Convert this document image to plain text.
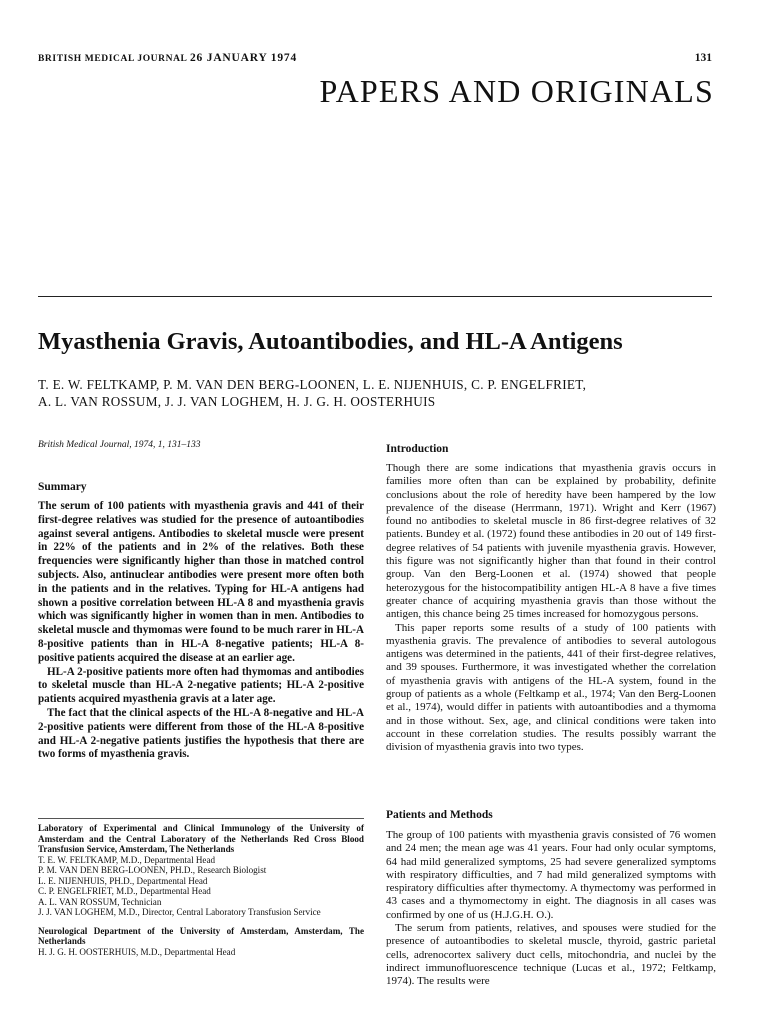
BRITISH MEDICAL JOURNAL 26 JANUARY 1974	131
PAPERS AND ORIGINALS
Myasthenia Gravis, Autoantibodies, and HL-A Antigens
T. E. W. FELTKAMP, P. M. VAN DEN BERG-LOONEN, L. E. NIJENHUIS, C. P. ENGELFRIET,
A. L. VAN ROSSUM, J. J. VAN LOGHEM, H. J. G. H. OOSTERHUIS
British Medical Journal, 1974, 1, 131–133
Summary

The serum of 100 patients with myasthenia gravis and 441 of their first-degree relatives was studied for the presence of autoantibodies against several antigens. Antibodies to skeletal muscle were present in 22% of the patients and in 2% of the relatives. Both these frequencies were significantly higher than those in matched control subjects. Also, antinuclear antibodies were present more often both in the patients and in the relatives. Typing for HL-A antigens had shown a positive correlation between HL-A 8 and myasthenia gravis which was significantly higher in women than in men. Antibodies to skeletal muscle and thymomas were found to be much rarer in HL-A 8-positive patients than in HL-A 8-negative patients; HL-A 8-positive patients acquired the disease at an earlier age.

HL-A 2-positive patients more often had thymomas and antibodies to skeletal muscle than HL-A 2-negative patients; HL-A 2-positive patients acquired myasthenia gravis at a later age.

The fact that the clinical aspects of the HL-A 8-negative and HL-A 2-positive patients were different from those of the HL-A 8-positive and HL-A 2-negative patients justifies the hypothesis that there are two forms of myasthenia gravis.

Laboratory of Experimental and Clinical Immunology of the University of Amsterdam and the Central Laboratory of the Netherlands Red Cross Blood Transfusion Service, Amsterdam, The Netherlands
T. E. W. FELTKAMP, M.D., Departmental Head
P. M. VAN DEN BERG-LOONEN, PH.D., Research Biologist
L. E. NIJENHUIS, PH.D., Departmental Head
C. P. ENGELFRIET, M.D., Departmental Head
A. L. VAN ROSSUM, Technician
J. J. VAN LOGHEM, M.D., Director, Central Laboratory Transfusion Service
Neurological Department of the University of Amsterdam, Amsterdam, The Netherlands
H. J. G. H. OOSTERHUIS, M.D., Departmental Head
Introduction

Though there are some indications that myasthenia gravis occurs in families more often than can be explained by probability, definite conclusions about the role of heredity have been hampered by the low prevalence of the disease (Herrmann, 1971). Wright and Kerr (1967) found no antibodies to skeletal muscle in 86 first-degree relatives of 32 patients. Bundey et al. (1972) found these antibodies in 20 out of 149 first-degree relatives of 54 patients with juvenile myasthenia gravis. However, this figure was not significantly higher than that found in their control group. Van den Berg-Loonen et al. (1974) showed that people heterozygous for the histocompatibility antigen HL-A 8 have a five times greater chance of acquiring myasthenia gravis than those without the antigen, this chance being 25 times increased for homozygous persons.

This paper reports some results of a study of 100 patients with myasthenia gravis. The prevalence of antibodies to several autologous antigens was determined in the patients, 441 of their first-degree relatives, and 39 spouses. Furthermore, it was investigated whether the correlation of myasthenia gravis with antigens of the HL-A system, found in the group of patients as a whole (Feltkamp et al., 1974; Van den Berg-Loonen et al., 1974), would differ in patients with autoantibodies and a thymoma and in those without. Sex, age, and clinical conditions were taken into account in these correlation studies. The results possibly warrant the division of myasthenia gravis into two types.

Patients and Methods

The group of 100 patients with myasthenia gravis consisted of 76 women and 24 men; the mean age was 41 years. Four had only ocular symptoms, 64 had mild generalized symptoms, 25 had severe generalized symptoms with respiratory difficulties, and 7 had mild generalized symptoms with respiratory difficulties after thymectomy. A thymectomy was performed in 43 cases and a thymomectomy in eight. The diagnosis in all cases was confirmed by one of us (H.J.G.H. O.).

The serum from patients, relatives, and spouses were studied for the presence of autoantibodies to skeletal muscle, thyroid, gastric parietal cells, adrenocortex salivery duct cells, mitochondria, and nuclei by the indirect immunofluorescence technique (Lucas et al., 1972; Feltkamp, 1974). The results were
